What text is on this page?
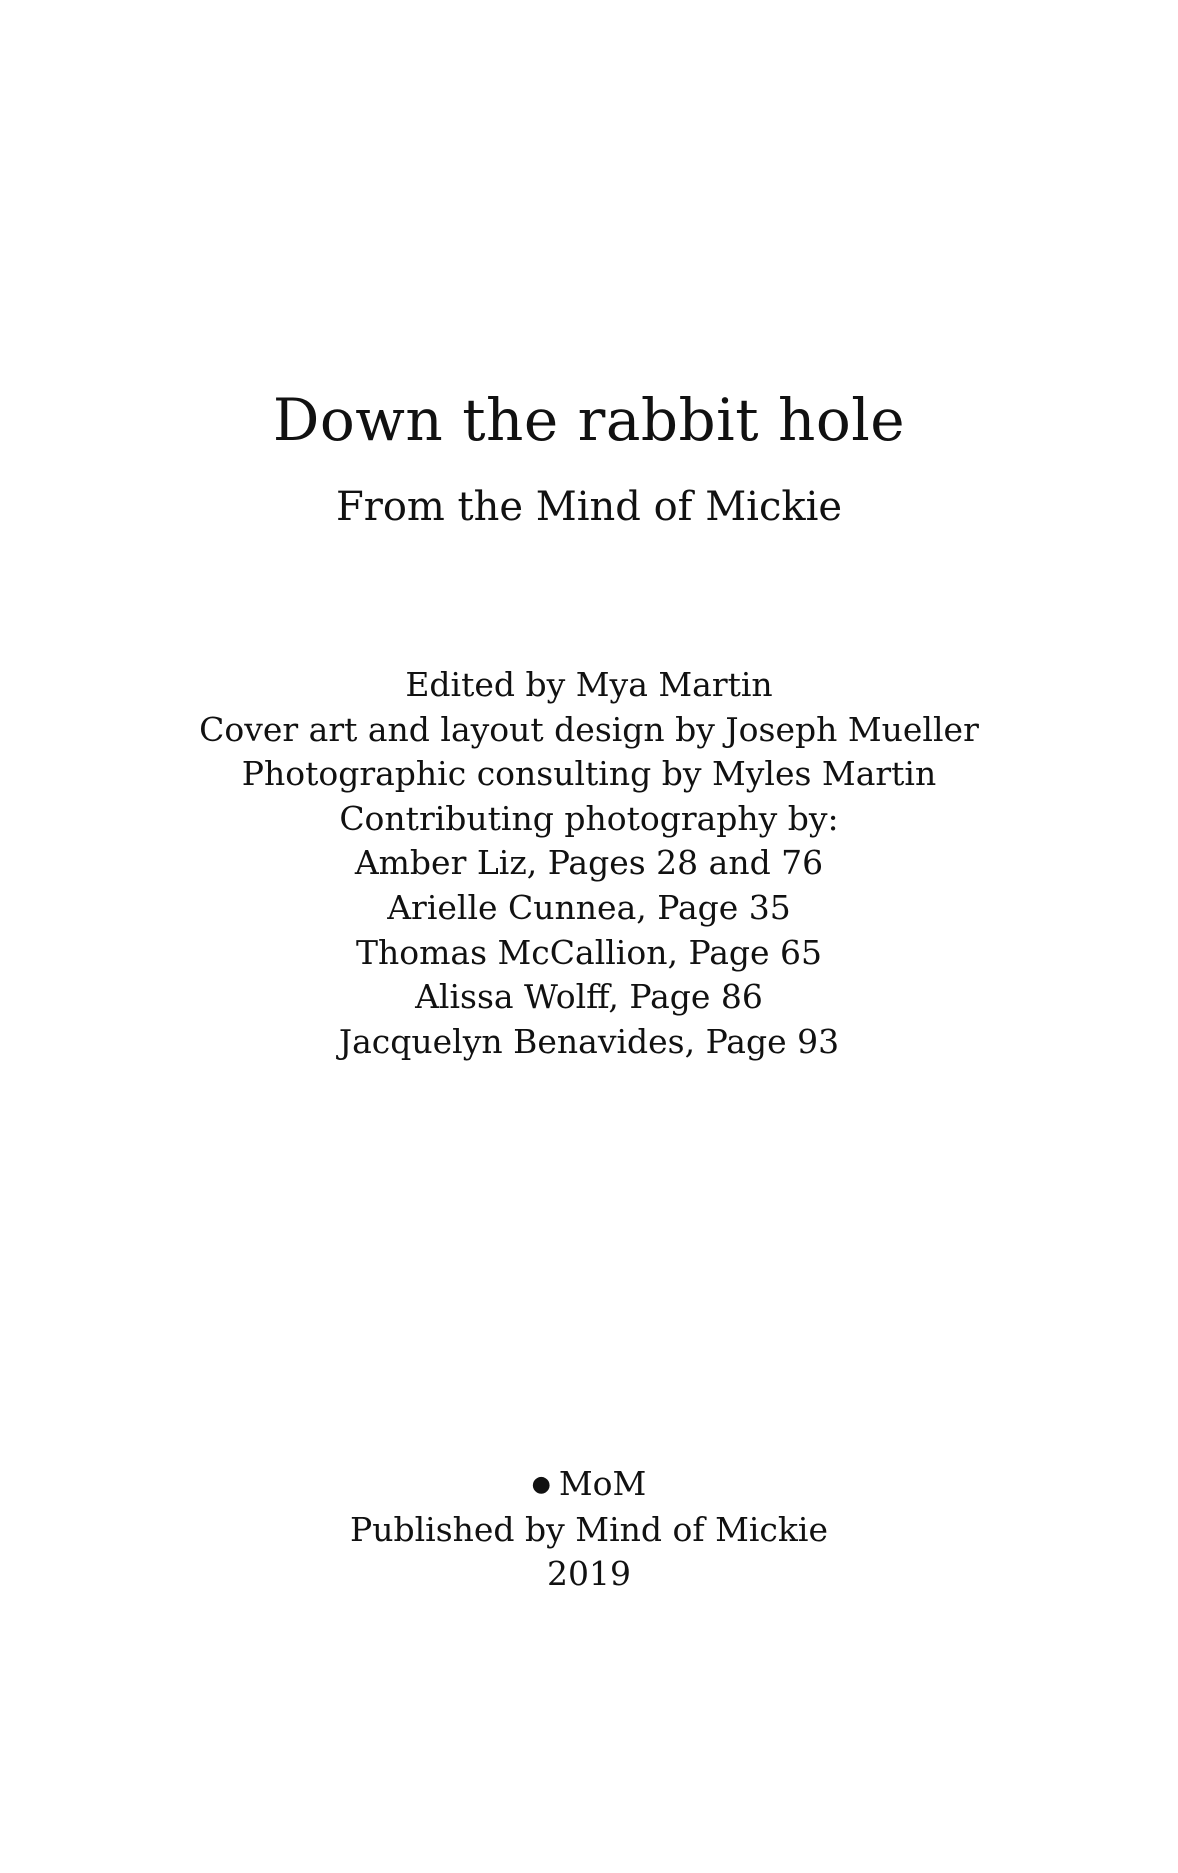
Down the rabbit hole

From the Mind of Mickie

Edited by Mya Martin
Cover art and layout design by Joseph Mueller
Photographic consulting by Myles Martin
Contributing photography by:
Amber Liz, Pages 28 and 76
Arielle Cunnea, Page 35
Thomas McCallion, Page 65
Alissa Wolff, Page 86
Jacquelyn Benavides, Page 93
● MoM
Published by Mind of Mickie
2019
